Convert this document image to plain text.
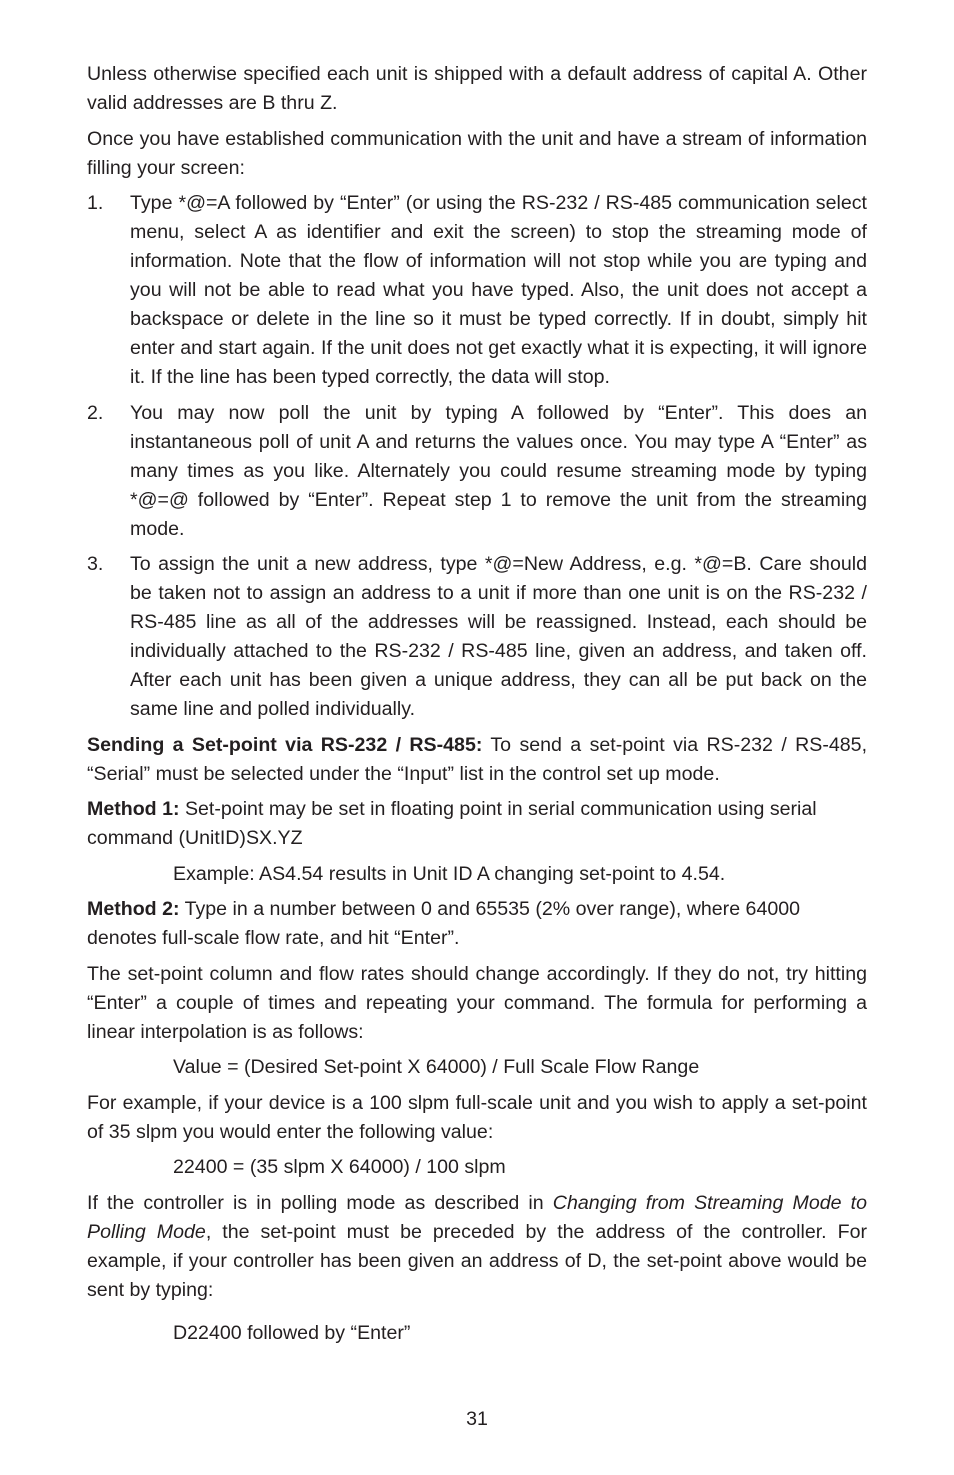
Unless otherwise specified each unit is shipped with a default address of capital A. Other valid addresses are B thru Z.

Once you have established communication with the unit and have a stream of information filling your screen:

1. Type *@=A followed by “Enter” (or using the RS-232 / RS-485 communication select menu, select A as identifier and exit the screen) to stop the streaming mode of information. Note that the flow of information will not stop while you are typing and you will not be able to read what you have typed. Also, the unit does not accept a backspace or delete in the line so it must be typed correctly. If in doubt, simply hit enter and start again. If the unit does not get exactly what it is expecting, it will ignore it. If the line has been typed correctly, the data will stop.
2. You may now poll the unit by typing A followed by “Enter”. This does an instantaneous poll of unit A and returns the values once. You may type A “Enter” as many times as you like. Alternately you could resume streaming mode by typing *@=@ followed by “Enter”. Repeat step 1 to remove the unit from the streaming mode.
3. To assign the unit a new address, type *@=New Address, e.g. *@=B. Care should be taken not to assign an address to a unit if more than one unit is on the RS-232 / RS-485 line as all of the addresses will be reassigned. Instead, each should be individually attached to the RS-232 / RS-485 line, given an address, and taken off. After each unit has been given a unique address, they can all be put back on the same line and polled individually.

Sending a Set-point via RS-232 / RS-485: To send a set-point via RS-232 / RS-485, “Serial” must be selected under the “Input” list in the control set up mode.

Method 1: Set-point may be set in floating point in serial communication using serial command (UnitID)SX.YZ

Example: AS4.54 results in Unit ID A changing set-point to 4.54.

Method 2: Type in a number between 0 and 65535 (2% over range), where 64000 denotes full-scale flow rate, and hit “Enter”.

The set-point column and flow rates should change accordingly. If they do not, try hitting “Enter” a couple of times and repeating your command. The formula for performing a linear interpolation is as follows:

Value = (Desired Set-point X 64000) / Full Scale Flow Range

For example, if your device is a 100 slpm full-scale unit and you wish to apply a set-point of 35 slpm you would enter the following value:

22400 = (35 slpm X 64000) / 100 slpm

If the controller is in polling mode as described in Changing from Streaming Mode to Polling Mode, the set-point must be preceded by the address of the controller. For example, if your controller has been given an address of D, the set-point above would be sent by typing:

D22400 followed by “Enter”

31
